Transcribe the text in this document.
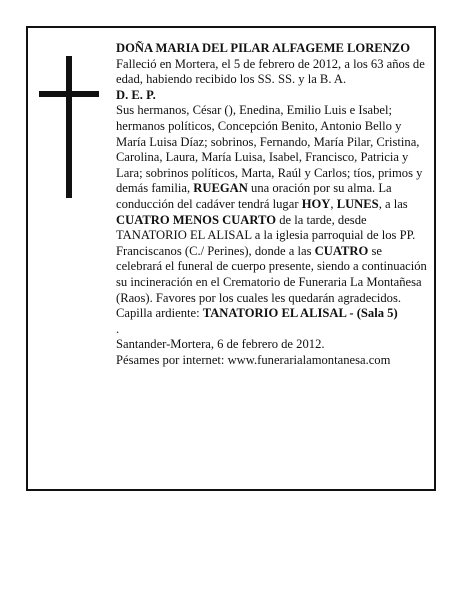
DOÑA MARIA DEL PILAR ALFAGEME LORENZO

Falleció en Mortera, el 5 de febrero de 2012, a los 63 años de edad, habiendo recibido los SS. SS. y la B. A.

D. E. P.

Sus hermanos, César (), Enedina, Emilio Luis e Isabel; hermanos políticos, Concepción Benito, Antonio Bello y María Luisa Díaz; sobrinos, Fernando, María Pilar, Cristina, Carolina, Laura, María Luisa, Isabel, Francisco, Patricia y Lara; sobrinos políticos, Marta, Raúl y Carlos; tíos, primos y demás familia, RUEGAN una oración por su alma. La conducción del cadáver tendrá lugar HOY, LUNES, a las CUATRO MENOS CUARTO de la tarde, desde TANATORIO EL ALISAL a la iglesia parroquial de los PP. Franciscanos (C./ Perines), donde a las CUATRO se celebrará el funeral de cuerpo presente, siendo a continuación su incineración en el Crematorio de Funeraria La Montañesa (Raos). Favores por los cuales les quedarán agradecidos.

Capilla ardiente: TANATORIO EL ALISAL - (Sala 5)
.

Santander-Mortera, 6 de febrero de 2012.

Pésames por internet: www.funerarialamontanesa.com
